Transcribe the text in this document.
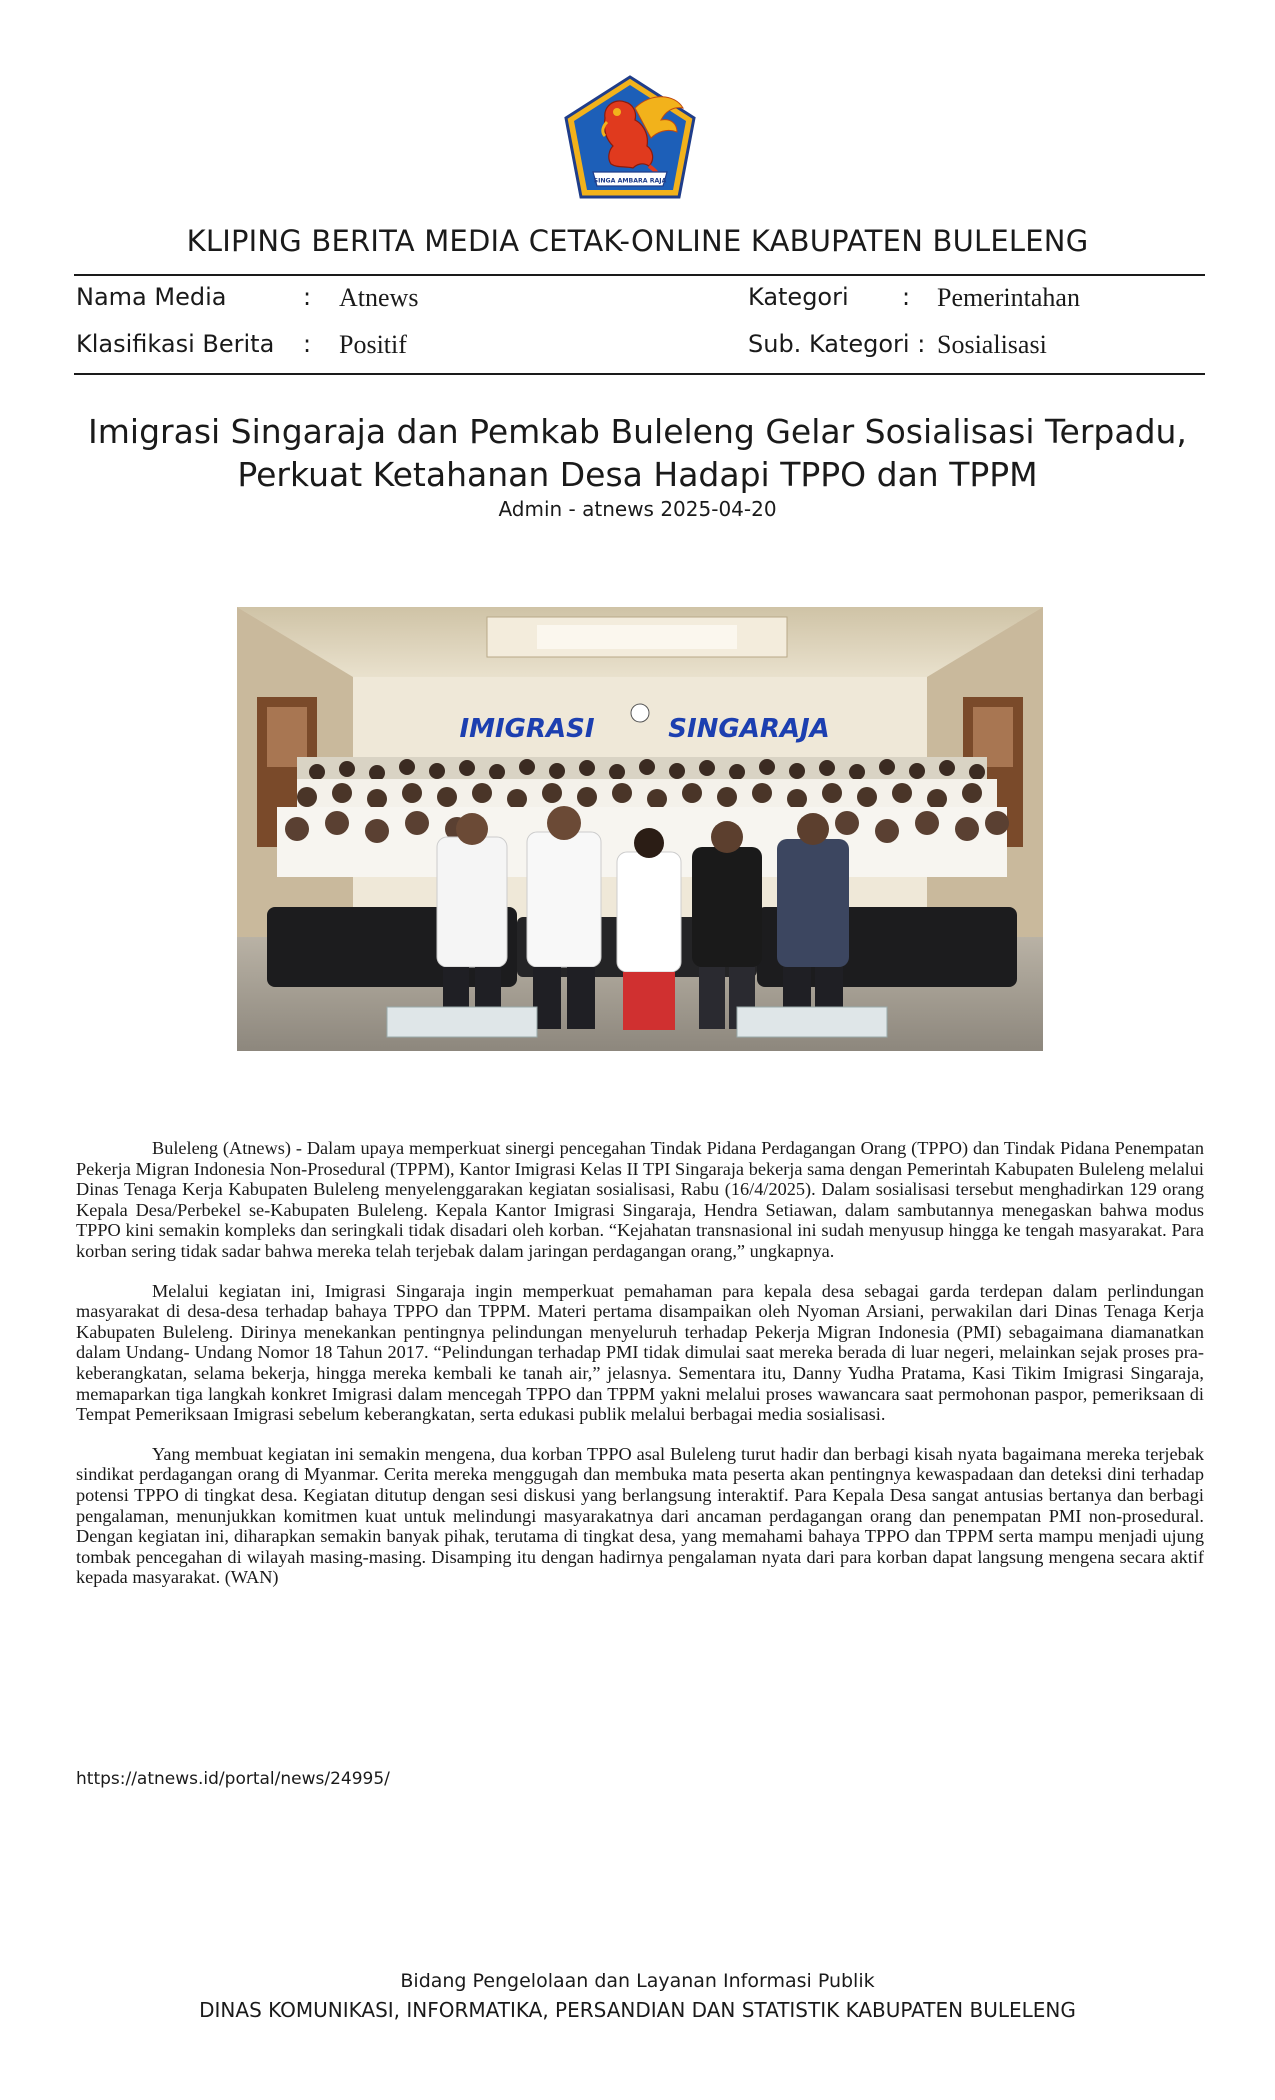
SINGA AMBARA RAJA
KLIPING BERITA MEDIA CETAK-ONLINE KABUPATEN BULELENG
Nama Media	: Atnews	Kategori : Pemerintahan
Klasifikasi Berita : Positif	Sub. Kategori : Sosialisasi
Imigrasi Singaraja dan Pemkab Buleleng Gelar Sosialisasi Terpadu,
Perkuat Ketahanan Desa Hadapi TPPO dan TPPM
Admin - atnews 2025-04-20
IMIGRASI	SINGARAJA

Buleleng (Atnews) - Dalam upaya memperkuat sinergi pencegahan Tindak Pidana Perdagangan Orang (TPPO) dan Tindak Pidana Penempatan Pekerja Migran Indonesia Non-Prosedural (TPPM), Kantor Imigrasi Kelas II TPI Singaraja bekerja sama dengan Pemerintah Kabupaten Buleleng melalui Dinas Tenaga Kerja Kabupaten Buleleng menyelenggarakan kegiatan sosialisasi, Rabu (16/4/2025). Dalam sosialisasi tersebut menghadirkan 129 orang Kepala Desa/Perbekel se-Kabupaten Buleleng. Kepala Kantor Imigrasi Singaraja, Hendra Setiawan, dalam sambutannya menegaskan bahwa modus TPPO kini semakin kompleks dan seringkali tidak disadari oleh korban. “Kejahatan transnasional ini sudah menyusup hingga ke tengah masyarakat. Para korban sering tidak sadar bahwa mereka telah terjebak dalam jaringan perdagangan orang,” ungkapnya.

Melalui kegiatan ini, Imigrasi Singaraja ingin memperkuat pemahaman para kepala desa sebagai garda terdepan dalam perlindungan masyarakat di desa-desa terhadap bahaya TPPO dan TPPM. Materi pertama disampaikan oleh Nyoman Arsiani, perwakilan dari Dinas Tenaga Kerja Kabupaten Buleleng. Dirinya menekankan pentingnya pelindungan menyeluruh terhadap Pekerja Migran Indonesia (PMI) sebagaimana diamanatkan dalam Undang- Undang Nomor 18 Tahun 2017. “Pelindungan terhadap PMI tidak dimulai saat mereka berada di luar negeri, melainkan sejak proses pra-keberangkatan, selama bekerja, hingga mereka kembali ke tanah air,” jelasnya. Sementara itu, Danny Yudha Pratama, Kasi Tikim Imigrasi Singaraja, memaparkan tiga langkah konkret Imigrasi dalam mencegah TPPO dan TPPM yakni melalui proses wawancara saat permohonan paspor, pemeriksaan di Tempat Pemeriksaan Imigrasi sebelum keberangkatan, serta edukasi publik melalui berbagai media sosialisasi.

Yang membuat kegiatan ini semakin mengena, dua korban TPPO asal Buleleng turut hadir dan berbagi kisah nyata bagaimana mereka terjebak sindikat perdagangan orang di Myanmar. Cerita mereka menggugah dan membuka mata peserta akan pentingnya kewaspadaan dan deteksi dini terhadap potensi TPPO di tingkat desa. Kegiatan ditutup dengan sesi diskusi yang berlangsung interaktif. Para Kepala Desa sangat antusias bertanya dan berbagi pengalaman, menunjukkan komitmen kuat untuk melindungi masyarakatnya dari ancaman perdagangan orang dan penempatan PMI non-prosedural. Dengan kegiatan ini, diharapkan semakin banyak pihak, terutama di tingkat desa, yang memahami bahaya TPPO dan TPPM serta mampu menjadi ujung tombak pencegahan di wilayah masing-masing. Disamping itu dengan hadirnya pengalaman nyata dari para korban dapat langsung mengena secara aktif kepada masyarakat. (WAN)

https://atnews.id/portal/news/24995/
Bidang Pengelolaan dan Layanan Informasi Publik
DINAS KOMUNIKASI, INFORMATIKA, PERSANDIAN DAN STATISTIK KABUPATEN BULELENG
